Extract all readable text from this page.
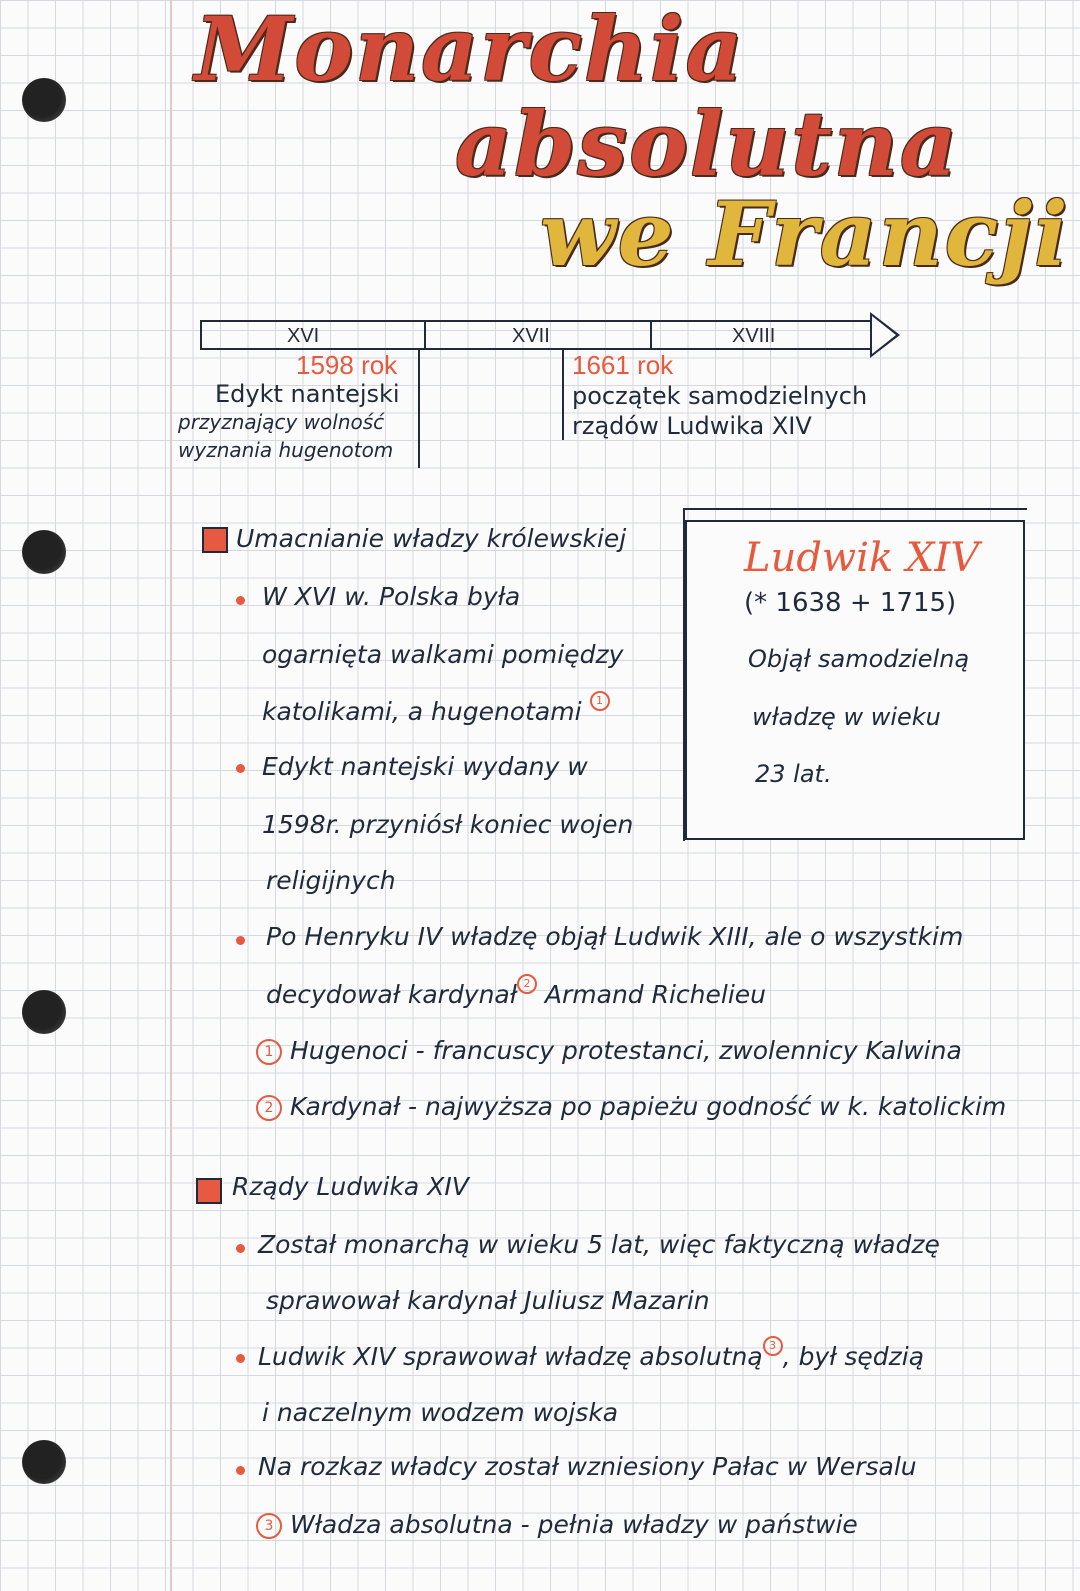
Monarchia
absolutna
we Francji
XVI	XVII	XVIII
1598 rok
Edykt nantejski
przyznający wolność
wyznania hugenotom
1661 rok
początek samodzielnych
rządów Ludwika XIV
Ludwik XIV
(* 1638 + 1715)
Objął samodzielną
władzę w wieku
23 lat.
Umacnianie władzy królewskiej
W XVI w. Polska była
ogarnięta walkami pomiędzy
katolikami, a hugenotami 1
Edykt nantejski wydany w
1598r. przyniósł koniec wojen
religijnych
Po Henryku IV władzę objął Ludwik XIII, ale o wszystkim
decydował kardynał 2 Armand Richelieu
1 Hugenoci - francuscy protestanci, zwolennicy Kalwina
2 Kardynał - najwyższa po papieżu godność w k. katolickim
Rządy Ludwika XIV
Został monarchą w wieku 5 lat, więc faktyczną władzę
sprawował kardynał Juliusz Mazarin
Ludwik XIV sprawował władzę absolutną 3 , był sędzią
i naczelnym wodzem wojska
Na rozkaz władcy został wzniesiony Pałac w Wersalu
3 Władza absolutna - pełnia władzy w państwie
